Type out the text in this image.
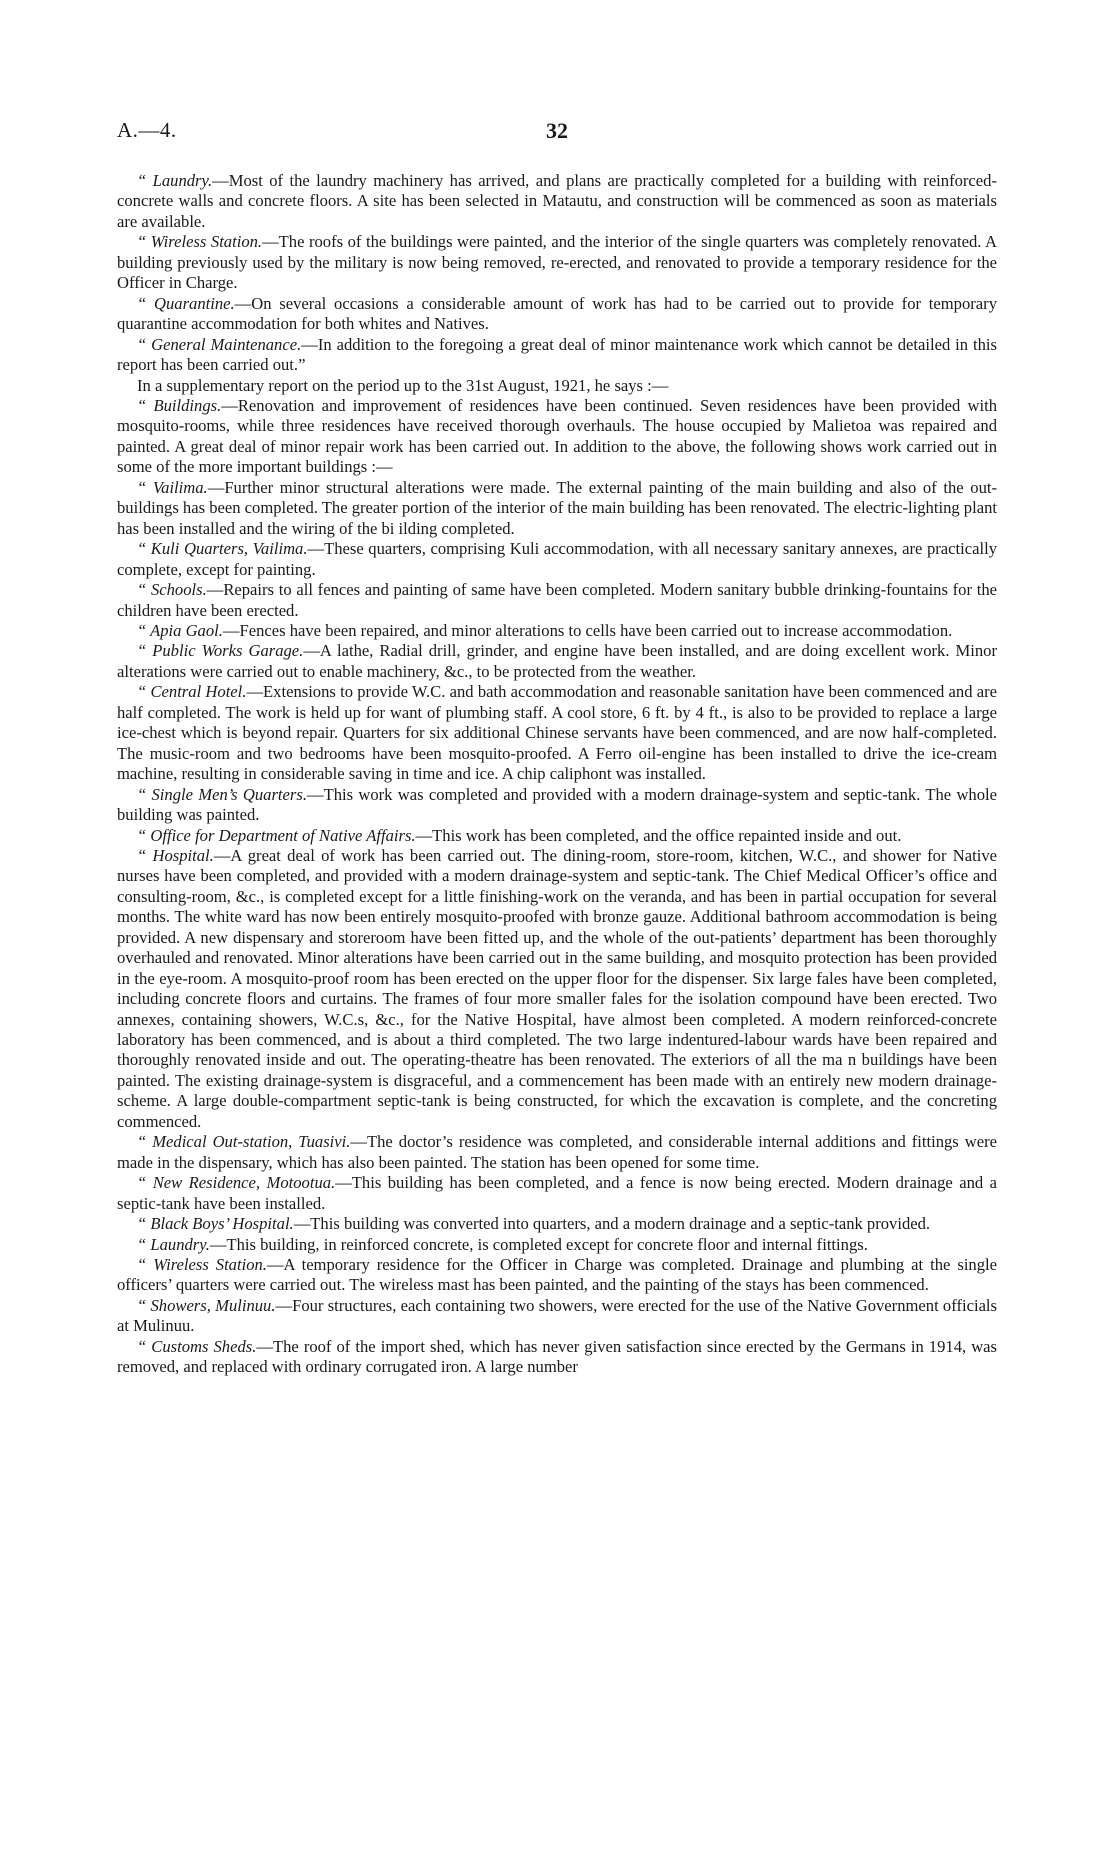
A.—4.	32

“ Laundry.—Most of the laundry machinery has arrived, and plans are practically completed for a building with reinforced-concrete walls and concrete floors. A site has been selected in Matautu, and construction will be commenced as soon as materials are available.

“ Wireless Station.—The roofs of the buildings were painted, and the interior of the single quarters was completely renovated. A building previously used by the military is now being removed, re-erected, and renovated to provide a temporary residence for the Officer in Charge.

“ Quarantine.—On several occasions a considerable amount of work has had to be carried out to provide for temporary quarantine accommodation for both whites and Natives.

“ General Maintenance.—In addition to the foregoing a great deal of minor maintenance work which cannot be detailed in this report has been carried out.”

In a supplementary report on the period up to the 31st August, 1921, he says :—

“ Buildings.—Renovation and improvement of residences have been continued. Seven residences have been provided with mosquito-rooms, while three residences have received thorough overhauls. The house occupied by Malietoa was repaired and painted. A great deal of minor repair work has been carried out. In addition to the above, the following shows work carried out in some of the more important buildings :—

“ Vailima.—Further minor structural alterations were made. The external painting of the main building and also of the out-buildings has been completed. The greater portion of the interior of the main building has been renovated. The electric-lighting plant has been installed and the wiring of the bi ilding completed.

“ Kuli Quarters, Vailima.—These quarters, comprising Kuli accommodation, with all necessary sanitary annexes, are practically complete, except for painting.

“ Schools.—Repairs to all fences and painting of same have been completed. Modern sanitary bubble drinking-fountains for the children have been erected.

“ Apia Gaol.—Fences have been repaired, and minor alterations to cells have been carried out to increase accommodation.

“ Public Works Garage.—A lathe, Radial drill, grinder, and engine have been installed, and are doing excellent work. Minor alterations were carried out to enable machinery, &c., to be protected from the weather.

“ Central Hotel.—Extensions to provide W.C. and bath accommodation and reasonable sanitation have been commenced and are half completed. The work is held up for want of plumbing staff. A cool store, 6 ft. by 4 ft., is also to be provided to replace a large ice-chest which is beyond repair. Quarters for six additional Chinese servants have been commenced, and are now half-completed. The music-room and two bedrooms have been mosquito-proofed. A Ferro oil-engine has been installed to drive the ice-cream machine, resulting in considerable saving in time and ice. A chip caliphont was installed.

“ Single Men’s Quarters.—This work was completed and provided with a modern drainage-system and septic-tank. The whole building was painted.

“ Office for Department of Native Affairs.—This work has been completed, and the office repainted inside and out.

“ Hospital.—A great deal of work has been carried out. The dining-room, store-room, kitchen, W.C., and shower for Native nurses have been completed, and provided with a modern drainage-system and septic-tank. The Chief Medical Officer’s office and consulting-room, &c., is completed except for a little finishing-work on the veranda, and has been in partial occupation for several months. The white ward has now been entirely mosquito-proofed with bronze gauze. Additional bathroom accommodation is being provided. A new dispensary and storeroom have been fitted up, and the whole of the out-patients’ department has been thoroughly overhauled and renovated. Minor alterations have been carried out in the same building, and mosquito protection has been provided in the eye-room. A mosquito-proof room has been erected on the upper floor for the dispenser. Six large fales have been completed, including concrete floors and curtains. The frames of four more smaller fales for the isolation compound have been erected. Two annexes, containing showers, W.C.s, &c., for the Native Hospital, have almost been completed. A modern reinforced-concrete laboratory has been commenced, and is about a third completed. The two large indentured-labour wards have been repaired and thoroughly renovated inside and out. The operating-theatre has been renovated. The exteriors of all the ma n buildings have been painted. The existing drainage-system is disgraceful, and a commencement has been made with an entirely new modern drainage-scheme. A large double-compartment septic-tank is being constructed, for which the excavation is complete, and the concreting commenced.

“ Medical Out-station, Tuasivi.—The doctor’s residence was completed, and considerable internal additions and fittings were made in the dispensary, which has also been painted. The station has been opened for some time.

“ New Residence, Motootua.—This building has been completed, and a fence is now being erected. Modern drainage and a septic-tank have been installed.

“ Black Boys’ Hospital.—This building was converted into quarters, and a modern drainage and a septic-tank provided.

“ Laundry.—This building, in reinforced concrete, is completed except for concrete floor and internal fittings.

“ Wireless Station.—A temporary residence for the Officer in Charge was completed. Drainage and plumbing at the single officers’ quarters were carried out. The wireless mast has been painted, and the painting of the stays has been commenced.

“ Showers, Mulinuu.—Four structures, each containing two showers, were erected for the use of the Native Government officials at Mulinuu.

“ Customs Sheds.—The roof of the import shed, which has never given satisfaction since erected by the Germans in 1914, was removed, and replaced with ordinary corrugated iron. A large number
